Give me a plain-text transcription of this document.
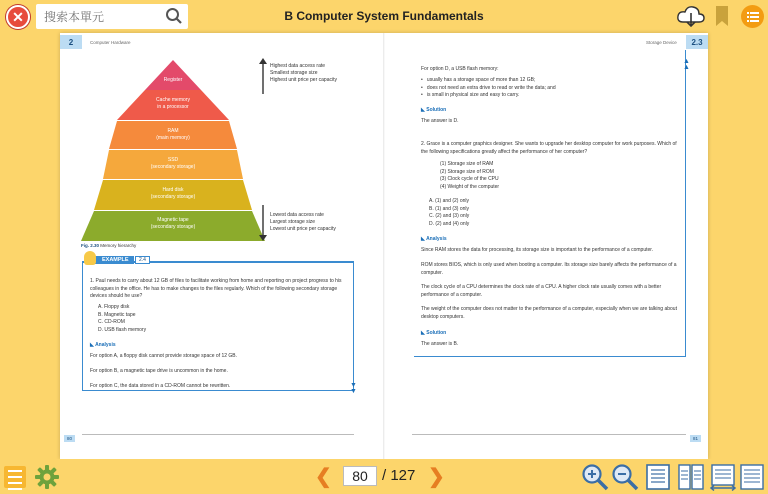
✕
搜索本單元	B Computer System Fundamentals
2	Computer Hardware
Register
Cache memory
in a processor
RAM
(main memory)
SSD
(secondary storage)
Hard disk
(secondary storage)
Magnetic tape
(secondary storage)
Highest data access rate
Smallest storage size
Highest unit price per capacity
Lowest data access rate
Largest storage size
Lowest unit price per capacity
Fig. 2.30 Memory hierarchy
EXAMPLE	2.4
1. Paul needs to carry about 12 GB of files to facilitate working from home and reporting on project progress to his colleagues in the office. He has to make changes to the files regularly. Which of the following secondary storage devices should he use?
A. Floppy disk
B. Magnetic tape
C. CD-ROM
D. USB flash memory
◣ Analysis
For option A, a floppy disk cannot provide storage space of 12 GB.
For option B, a magnetic tape drive is uncommon in the home.
For option C, the data stored in a CD-ROM cannot be rewritten.	▼
▼
80
Storage Device	2.3
▲
▲
For option D, a USB flash memory:
•   usually has a storage space of more than 12 GB;
•   does not need an extra drive to read or write the data; and
•   is small in physical size and easy to carry.
◣ Solution
The answer is D.
2. Grace is a computer graphics designer. She wants to upgrade her desktop computer for work purposes. Which of the following specifications greatly affect the performance of her computer?
(1) Storage size of RAM
(2) Storage size of ROM
(3) Clock cycle of the CPU
(4) Weight of the computer
A. (1) and (2) only
B. (1) and (3) only
C. (2) and (3) only
D. (2) and (4) only
◣ Analysis
Since RAM stores the data for processing, its storage size is important to the performance of a computer.
ROM stores BIOS, which is only used when booting a computer. Its storage size barely affects the performance of a computer.
The clock cycle of a CPU determines the clock rate of a CPU. A higher clock rate usually comes with a better performance of a computer.
The weight of the computer does not matter to the performance of a computer, especially when we are talking about desktop computers.
◣ Solution
The answer is B.
81
❮
80	/ 127 ❯
